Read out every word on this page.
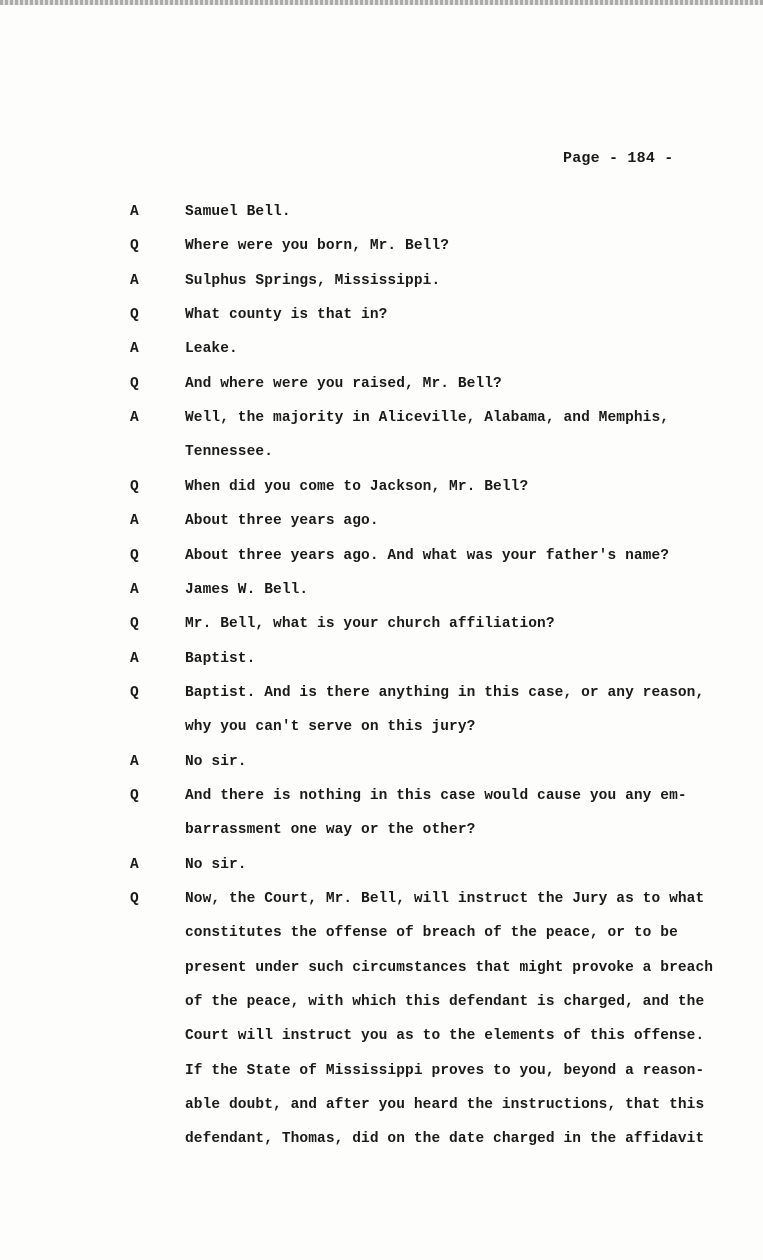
Page - 184 -
A	Samuel Bell.
Q	Where were you born, Mr. Bell?
A	Sulphus Springs, Mississippi.
Q	What county is that in?
A	Leake.
Q	And where were you raised, Mr. Bell?
A	Well, the majority in Aliceville, Alabama, and Memphis,
Tennessee.
Q	When did you come to Jackson, Mr. Bell?
A	About three years ago.
Q	About three years ago. And what was your father's name?
A	James W. Bell.
Q	Mr. Bell, what is your church affiliation?
A	Baptist.
Q	Baptist. And is there anything in this case, or any reason,
why you can't serve on this jury?
A	No sir.
Q	And there is nothing in this case would cause you any em-
barrassment one way or the other?
A	No sir.
Q	Now, the Court, Mr. Bell, will instruct the Jury as to what
constitutes the offense of breach of the peace, or to be
present under such circumstances that might provoke a breach
of the peace, with which this defendant is charged, and the
Court will instruct you as to the elements of this offense.
If the State of Mississippi proves to you, beyond a reason-
able doubt, and after you heard the instructions, that this
defendant, Thomas, did on the date charged in the affidavit
